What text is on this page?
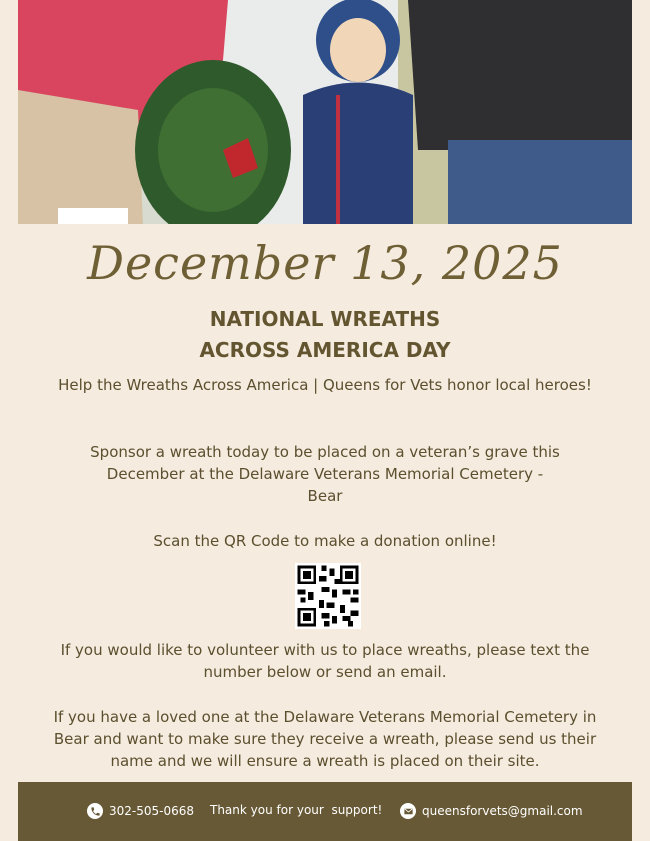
December 13, 2025
NATIONAL WREATHS
ACROSS AMERICA DAY
Help the Wreaths Across America | Queens for Vets honor local heroes!
Sponsor a wreath today to be placed on a veteran’s grave this December at the Delaware Veterans Memorial Cemetery - Bear
Scan the QR Code to make a donation online!
If you would like to volunteer with us to place wreaths, please text the number below or send an email.
If you have a loved one at the Delaware Veterans Memorial Cemetery in Bear and want to make sure they receive a wreath, please send us their name and we will ensure a wreath is placed on their site.
302-505-0668 Thank you for your  support!	queensforvets@gmail.com
